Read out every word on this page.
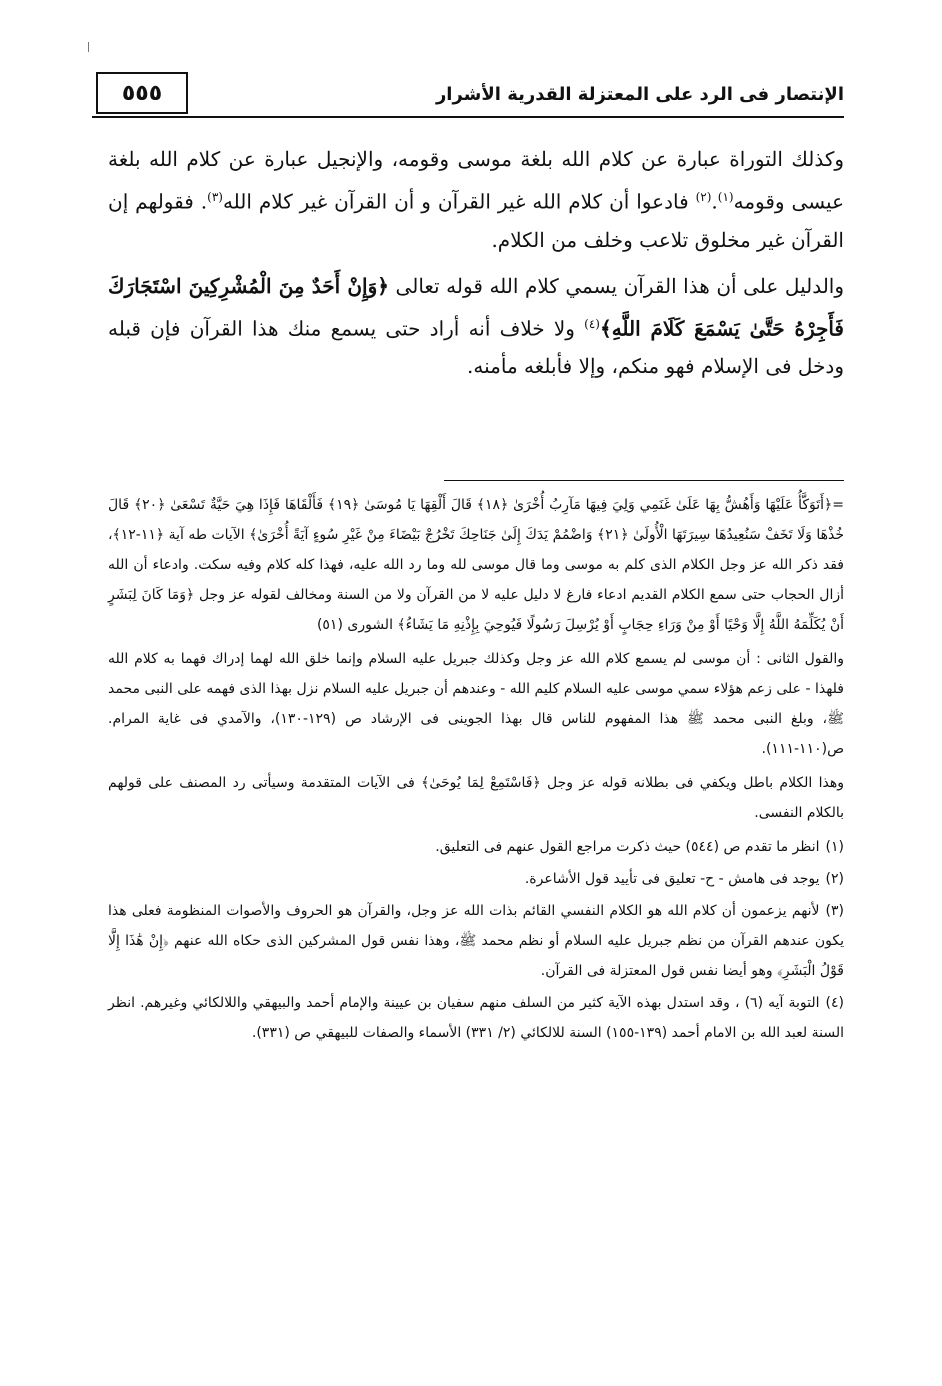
٥٥٥	الإنتصار فى الرد على المعتزلة القدرية الأشرار

وكذلك التوراة عبارة عن كلام الله بلغة موسى وقومه، والإنجيل عبارة عن كلام الله بلغة عيسى وقومه$^{(١)}$.$^{(٢)}$ فادعوا أن كلام الله غير القرآن و أن القرآن غير كلام الله$^{(٣)}$. فقولهم إن القرآن غير مخلوق تلاعب وخلف من الكلام.

والدليل على أن هذا القرآن يسمي كلام الله قوله تعالى ﴿وَإِنْ أَحَدٌ مِنَ الْمُشْرِكِينَ اسْتَجَارَكَ فَأَجِرْهُ حَتَّىٰ يَسْمَعَ كَلَامَ اللَّهِ﴾$^{(٤)}$ ولا خلاف أنه أراد حتى يسمع منك هذا القرآن فإن قبله ودخل فى الإسلام فهو منكم، وإلا فأبلغه مأمنه.

=﴿أَتَوَكَّأُ عَلَيْهَا وَأَهُشُّ بِهَا عَلَىٰ غَنَمِي وَلِيَ فِيهَا مَآرِبُ أُخْرَىٰ ﴿١٨﴾ قَالَ أَلْقِهَا يَا مُوسَىٰ ﴿١٩﴾ فَأَلْقَاهَا فَإِذَا هِيَ حَيَّةٌ تَسْعَىٰ ﴿٢٠﴾ قَالَ خُذْهَا وَلَا تَخَفْ سَنُعِيدُهَا سِيرَتَهَا الْأُولَىٰ ﴿٢١﴾ وَاضْمُمْ يَدَكَ إِلَىٰ جَنَاحِكَ تَخْرُجْ بَيْضَاءَ مِنْ غَيْرِ سُوءٍ آيَةً أُخْرَىٰ﴾ الآيات طه آية ﴿١١-١٢﴾، فقد ذكر الله عز وجل الكلام الذى كلم به موسى وما قال موسى لله وما رد الله عليه، فهذا كله كلام وفيه سكت. وادعاء أن الله أزال الحجاب حتى سمع الكلام القديم ادعاء فارغ لا دليل عليه لا من القرآن ولا من السنة ومخالف لقوله عز وجل ﴿وَمَا كَانَ لِبَشَرٍ أَنْ يُكَلِّمَهُ اللَّهُ إِلَّا وَحْيًا أَوْ مِنْ وَرَاءِ حِجَابٍ أَوْ يُرْسِلَ رَسُولًا فَيُوحِيَ بِإِذْنِهِ مَا يَشَاءُ﴾ الشورى (٥١)

والقول الثانى : أن موسى لم يسمع كلام الله عز وجل وكذلك جبريل عليه السلام وإنما خلق الله لهما إدراك فهما به كلام الله فلهذا - على زعم هؤلاء سمي موسى عليه السلام كليم الله - وعندهم أن جبريل عليه السلام نزل بهذا الذى فهمه على النبى محمد ﷺ، وبلغ النبى محمد ﷺ هذا المفهوم للناس قال بهذا الجوينى فى الإرشاد ص (١٢٩-١٣٠)، والآمدي فى غاية المرام. ص(١١٠-١١١).

وهذا الكلام باطل ويكفي فى بطلانه قوله عز وجل ﴿فَاسْتَمِعْ لِمَا يُوحَىٰ﴾ فى الآيات المتقدمة وسيأتى رد المصنف على قولهم بالكلام النفسى.

(١)انظر ما تقدم ص (٥٤٤) حيث ذكرت مراجع القول عنهم فى التعليق.

(٢)يوجد فى هامش - ح- تعليق فى تأييد قول الأشاعرة.

(٣)لأنهم يزعمون أن كلام الله هو الكلام النفسي القائم بذات الله عز وجل، والقرآن هو الحروف والأصوات المنظومة فعلى هذا يكون عندهم القرآن من نظم جبريل عليه السلام أو نظم محمد ﷺ، وهذا نفس قول المشركين الذى حكاه الله عنهم ﴿إِنْ هَٰذَا إِلَّا قَوْلُ الْبَشَرِ﴾ وهو أيضا نفس قول المعتزلة فى القرآن.

(٤)التوبة آيه (٦) ، وقد استدل بهذه الآية كثير من السلف منهم سفيان بن عيينة والإمام أحمد والبيهقي واللالكائي وغيرهم. انظر السنة لعبد الله بن الامام أحمد (١٣٩-١٥٥) السنة للالكائي (٢/ ٣٣١) الأسماء والصفات للبيهقي ص (٣٣١).
